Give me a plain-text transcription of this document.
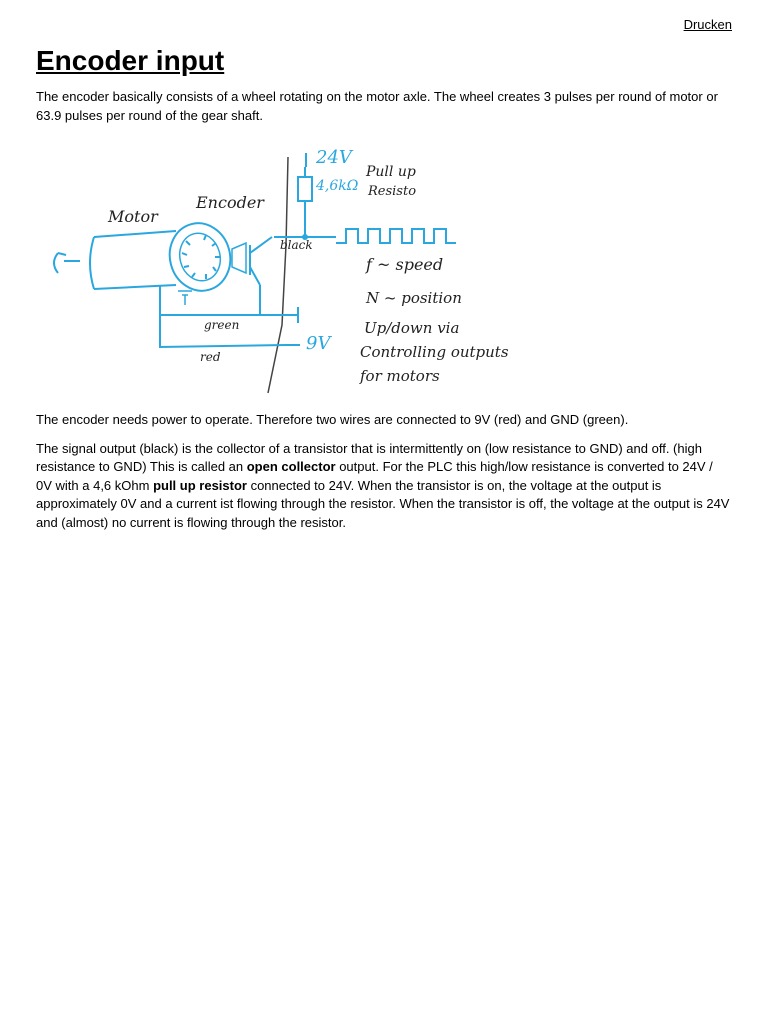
Drucken
Encoder input

The encoder basically consists of a wheel rotating on the motor axle. The wheel creates 3 pulses per round of motor or 63.9 pulses per round of the gear shaft.

24V
4,6kΩ
Pull up
Resisto
Motor
Encoder
black
green
red
9V
f ~ speed
N ~ position
Up/down via
Controlling outputs
for motors

The encoder needs power to operate. Therefore two wires are connected to 9V (red) and GND (green).

The signal output (black) is the collector of a transistor that is intermittently on (low resistance to GND) and off. (high resistance to GND) This is called an open collector output. For the PLC this high/low resistance is converted to 24V / 0V with a 4,6 kOhm pull up resistor connected to 24V. When the transistor is on, the voltage at the output is approximately 0V and a current ist flowing through the resistor. When the transistor is off, the voltage at the output is 24V and (almost) no current is flowing through the resistor.
